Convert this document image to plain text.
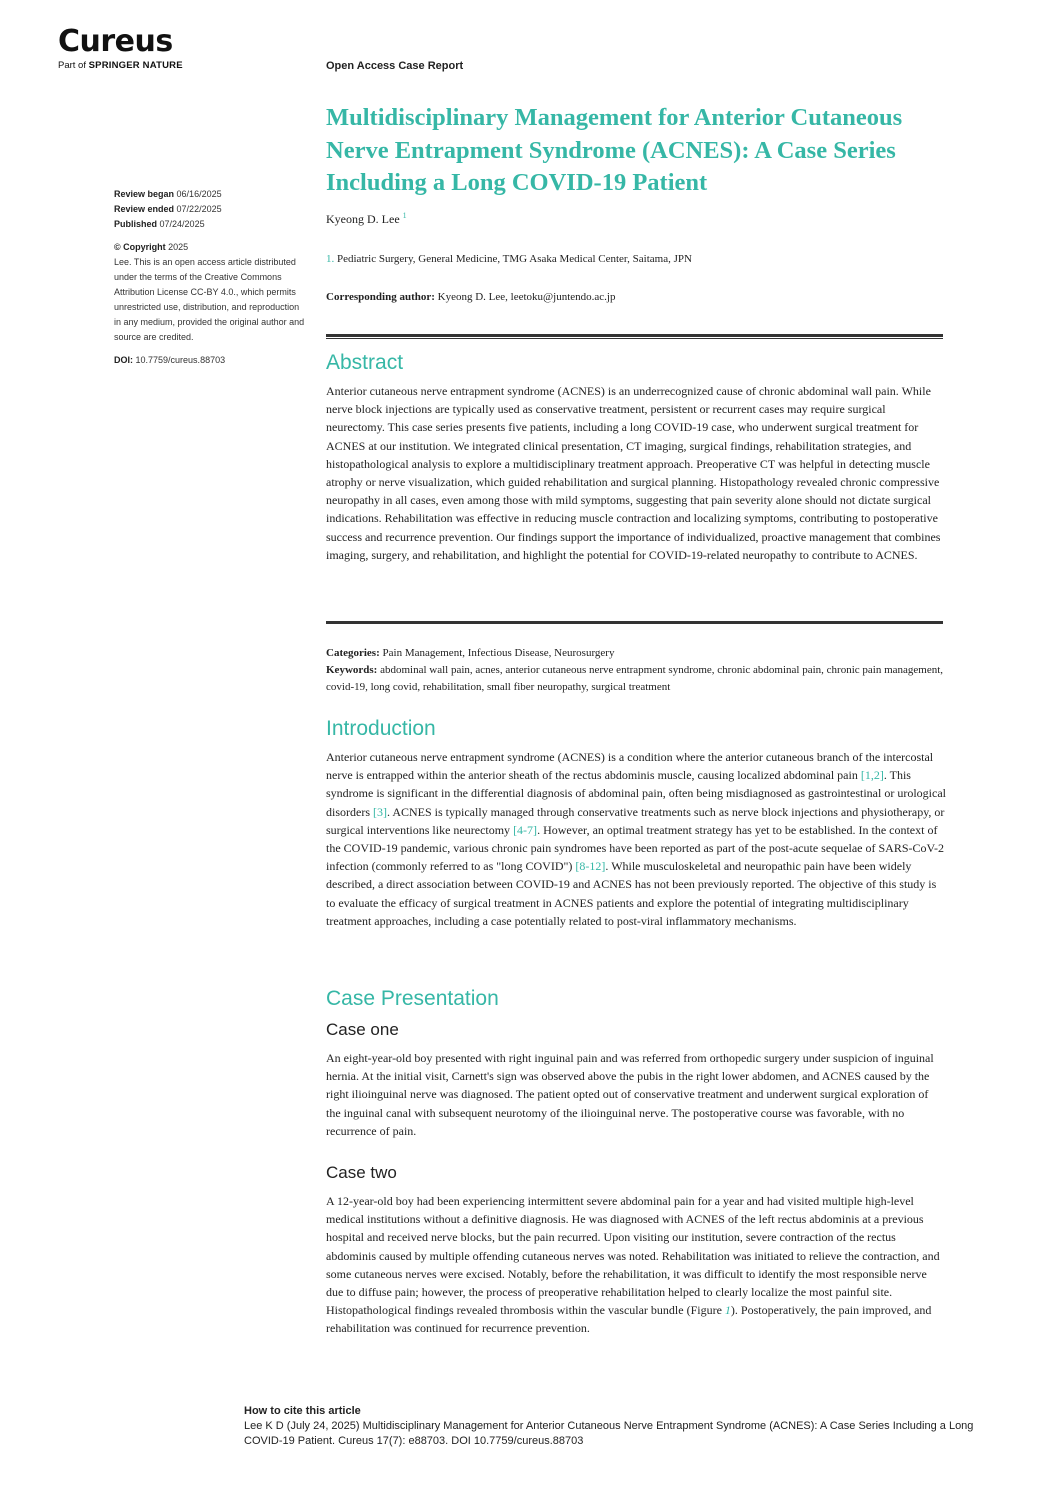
Cureus
Part of SPRINGER NATURE	Open Access Case Report
Multidisciplinary Management for Anterior Cutaneous Nerve Entrapment Syndrome (ACNES): A Case Series Including a Long COVID-19 Patient
Review began 06/16/2025
Review ended 07/22/2025
Published 07/24/2025
© Copyright 2025
Lee. This is an open access article distributed under the terms of the Creative Commons Attribution License CC-BY 4.0., which permits unrestricted use, distribution, and reproduction in any medium, provided the original author and source are credited.
DOI: 10.7759/cureus.88703
Kyeong D. Lee $^1$
1. Pediatric Surgery, General Medicine, TMG Asaka Medical Center, Saitama, JPN
Corresponding author: Kyeong D. Lee, leetoku@juntendo.ac.jp
Abstract

Anterior cutaneous nerve entrapment syndrome (ACNES) is an underrecognized cause of chronic abdominal wall pain. While nerve block injections are typically used as conservative treatment, persistent or recurrent cases may require surgical neurectomy. This case series presents five patients, including a long COVID-19 case, who underwent surgical treatment for ACNES at our institution. We integrated clinical presentation, CT imaging, surgical findings, rehabilitation strategies, and histopathological analysis to explore a multidisciplinary treatment approach. Preoperative CT was helpful in detecting muscle atrophy or nerve visualization, which guided rehabilitation and surgical planning. Histopathology revealed chronic compressive neuropathy in all cases, even among those with mild symptoms, suggesting that pain severity alone should not dictate surgical indications. Rehabilitation was effective in reducing muscle contraction and localizing symptoms, contributing to postoperative success and recurrence prevention. Our findings support the importance of individualized, proactive management that combines imaging, surgery, and rehabilitation, and highlight the potential for COVID-19-related neuropathy to contribute to ACNES.

Categories: Pain Management, Infectious Disease, Neurosurgery
Keywords: abdominal wall pain, acnes, anterior cutaneous nerve entrapment syndrome, chronic abdominal pain, chronic pain management, covid-19, long covid, rehabilitation, small fiber neuropathy, surgical treatment
Introduction

Anterior cutaneous nerve entrapment syndrome (ACNES) is a condition where the anterior cutaneous branch of the intercostal nerve is entrapped within the anterior sheath of the rectus abdominis muscle, causing localized abdominal pain [1,2]. This syndrome is significant in the differential diagnosis of abdominal pain, often being misdiagnosed as gastrointestinal or urological disorders [3]. ACNES is typically managed through conservative treatments such as nerve block injections and physiotherapy, or surgical interventions like neurectomy [4-7]. However, an optimal treatment strategy has yet to be established. In the context of the COVID-19 pandemic, various chronic pain syndromes have been reported as part of the post-acute sequelae of SARS-CoV-2 infection (commonly referred to as "long COVID") [8-12]. While musculoskeletal and neuropathic pain have been widely described, a direct association between COVID-19 and ACNES has not been previously reported. The objective of this study is to evaluate the efficacy of surgical treatment in ACNES patients and explore the potential of integrating multidisciplinary treatment approaches, including a case potentially related to post-viral inflammatory mechanisms.

Case Presentation
Case one

An eight-year-old boy presented with right inguinal pain and was referred from orthopedic surgery under suspicion of inguinal hernia. At the initial visit, Carnett's sign was observed above the pubis in the right lower abdomen, and ACNES caused by the right ilioinguinal nerve was diagnosed. The patient opted out of conservative treatment and underwent surgical exploration of the inguinal canal with subsequent neurotomy of the ilioinguinal nerve. The postoperative course was favorable, with no recurrence of pain.

Case two

A 12-year-old boy had been experiencing intermittent severe abdominal pain for a year and had visited multiple high-level medical institutions without a definitive diagnosis. He was diagnosed with ACNES of the left rectus abdominis at a previous hospital and received nerve blocks, but the pain recurred. Upon visiting our institution, severe contraction of the rectus abdominis caused by multiple offending cutaneous nerves was noted. Rehabilitation was initiated to relieve the contraction, and some cutaneous nerves were excised. Notably, before the rehabilitation, it was difficult to identify the most responsible nerve due to diffuse pain; however, the process of preoperative rehabilitation helped to clearly localize the most painful site. Histopathological findings revealed thrombosis within the vascular bundle (Figure 1). Postoperatively, the pain improved, and rehabilitation was continued for recurrence prevention.

How to cite this article
Lee K D (July 24, 2025) Multidisciplinary Management for Anterior Cutaneous Nerve Entrapment Syndrome (ACNES): A Case Series Including a Long COVID-19 Patient. Cureus 17(7): e88703. DOI 10.7759/cureus.88703
